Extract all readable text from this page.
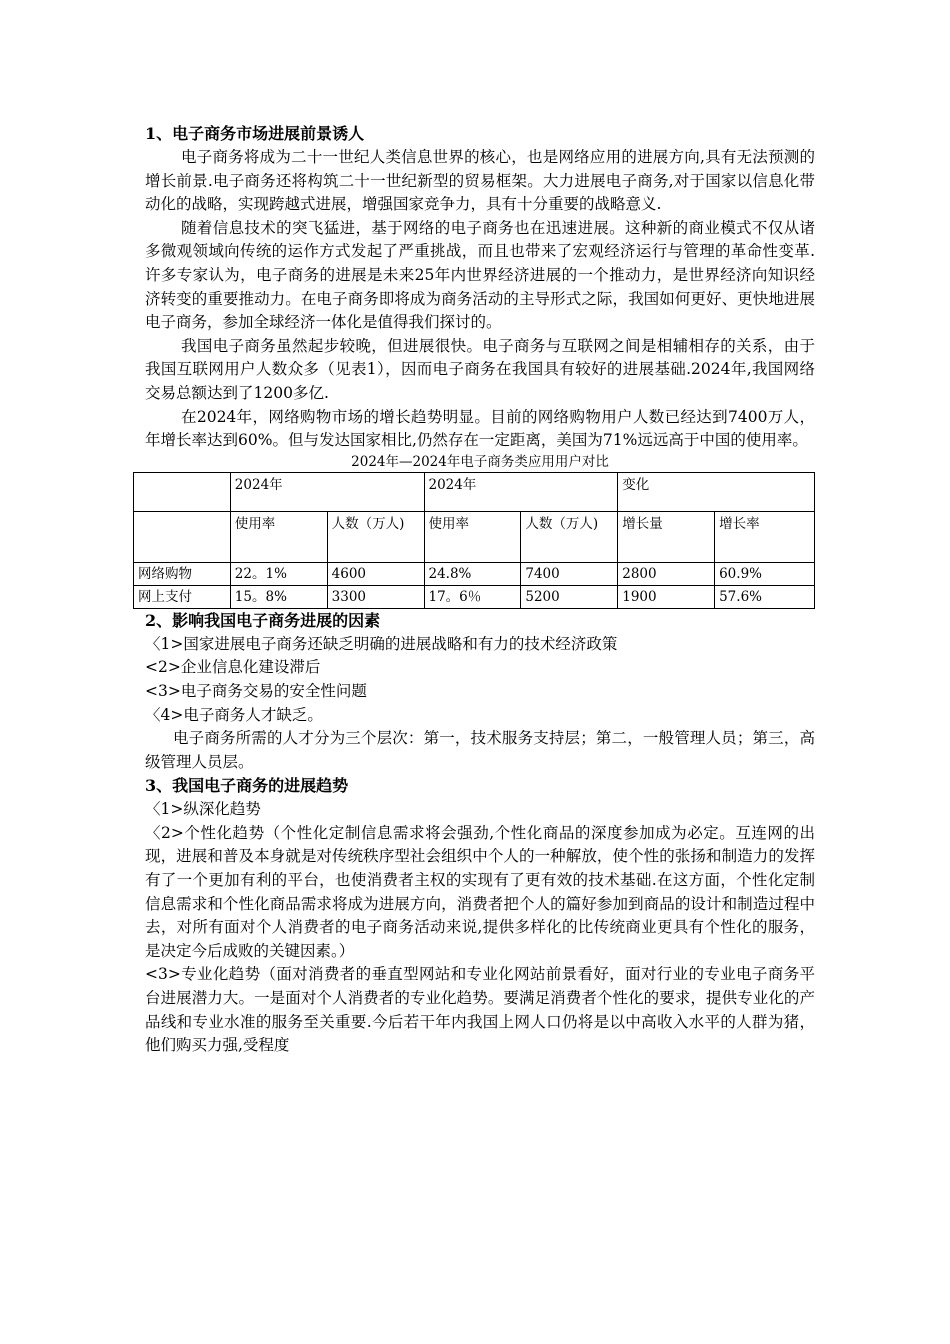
1、电子商务市场进展前景诱人

电子商务将成为二十一世纪人类信息世界的核心，也是网络应用的进展方向,具有无法预测的增长前景.电子商务还将构筑二十一世纪新型的贸易框架。大力进展电子商务,对于国家以信息化带动化的战略，实现跨越式进展，增强国家竞争力，具有十分重要的战略意义.

随着信息技术的突飞猛进，基于网络的电子商务也在迅速进展。这种新的商业模式不仅从诸多微观领域向传统的运作方式发起了严重挑战，而且也带来了宏观经济运行与管理的革命性变革.许多专家认为，电子商务的进展是未来25年内世界经济进展的一个推动力，是世界经济向知识经济转变的重要推动力。在电子商务即将成为商务活动的主导形式之际，我国如何更好、更快地进展电子商务，参加全球经济一体化是值得我们探讨的。

我国电子商务虽然起步较晚，但进展很快。电子商务与互联网之间是相辅相存的关系，由于我国互联网用户人数众多（见表1），因而电子商务在我国具有较好的进展基础.2024年,我国网络交易总额达到了1200多亿.

在2024年，网络购物市场的增长趋势明显。目前的网络购物用户人数已经达到7400万人，年增长率达到60%。但与发达国家相比,仍然存在一定距离，美国为71%远远高于中国的使用率。

2024年—2024年电子商务类应用用户对比

	2024年		2024年		变化	
	使用率	人数（万人)	使用率	人数（万人)	增长量	增长率
网络购物	22。1%	4600	24.8%	7400	2800	60.9%
网上支付	15。8%	3300	17。6％	5200	1900	57.6%

2、影响我国电子商务进展的因素

〈1>国家进展电子商务还缺乏明确的进展战略和有力的技术经济政策

<2>企业信息化建设滞后

<3>电子商务交易的安全性问题

〈4>电子商务人才缺乏。

电子商务所需的人才分为三个层次：第一，技术服务支持层；第二，一般管理人员；第三，高级管理人员层。

3、我国电子商务的进展趋势

〈1>纵深化趋势

〈2>个性化趋势（个性化定制信息需求将会强劲,个性化商品的深度参加成为必定。互连网的出现，进展和普及本身就是对传统秩序型社会组织中个人的一种解放，使个性的张扬和制造力的发挥有了一个更加有利的平台，也使消费者主权的实现有了更有效的技术基础.在这方面，个性化定制信息需求和个性化商品需求将成为进展方向，消费者把个人的篇好参加到商品的设计和制造过程中去，对所有面对个人消费者的电子商务活动来说,提供多样化的比传统商业更具有个性化的服务，是决定今后成败的关键因素。）

<3>专业化趋势（面对消费者的垂直型网站和专业化网站前景看好，面对行业的专业电子商务平台进展潜力大。一是面对个人消费者的专业化趋势。要满足消费者个性化的要求，提供专业化的产品线和专业水准的服务至关重要.今后若干年内我国上网人口仍将是以中高收入水平的人群为猪，他们购买力强,受程度
